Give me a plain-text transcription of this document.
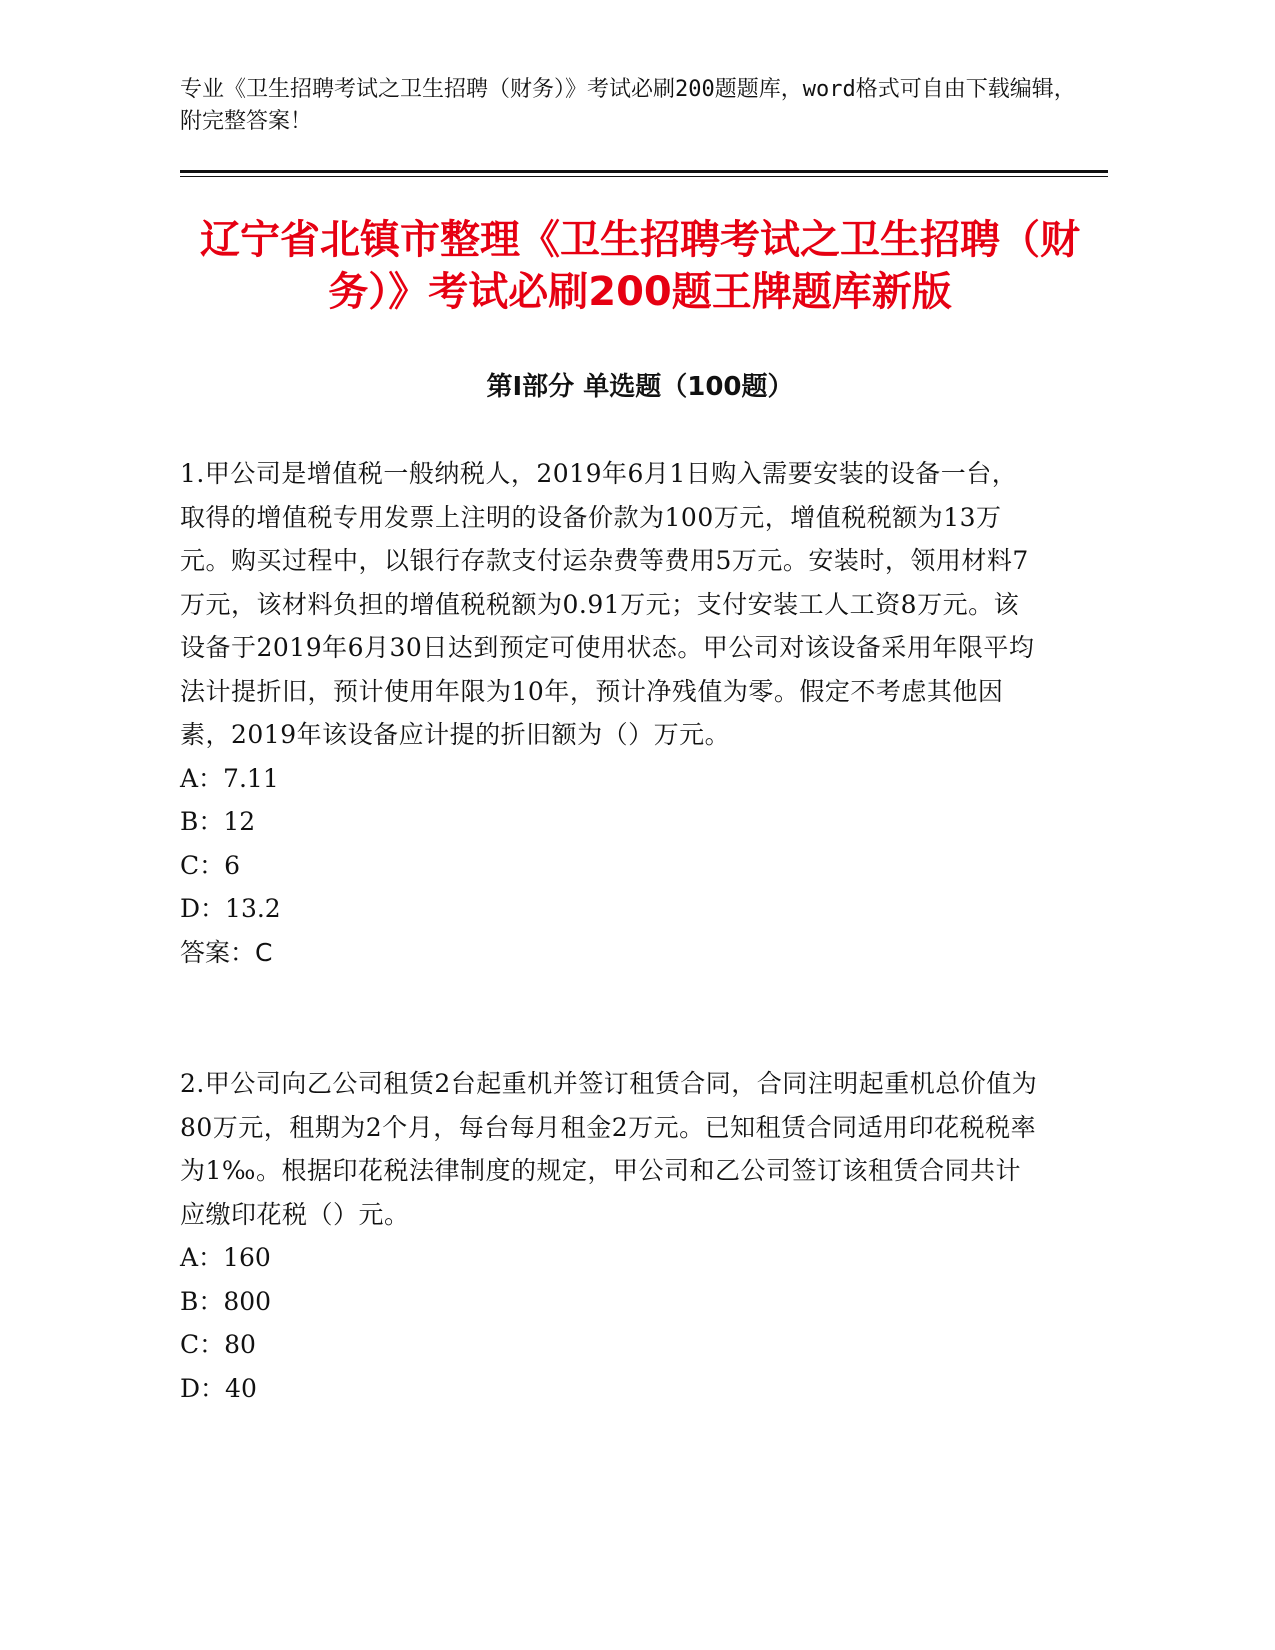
专业《卫生招聘考试之卫生招聘（财务）》考试必刷200题题库，word格式可自由下载编辑，附完整答案！
辽宁省北镇市整理《卫生招聘考试之卫生招聘（财务）》考试必刷200题王牌题库新版
第I部分 单选题（100题）
1.甲公司是增值税一般纳税人，2019年6月1日购入需要安装的设备一台，取得的增值税专用发票上注明的设备价款为100万元，增值税税额为13万元。购买过程中，以银行存款支付运杂费等费用5万元。安装时，领用材料7万元，该材料负担的增值税税额为0.91万元；支付安装工人工资8万元。该设备于2019年6月30日达到预定可使用状态。甲公司对该设备采用年限平均法计提折旧，预计使用年限为10年，预计净残值为零。假定不考虑其他因素，2019年该设备应计提的折旧额为（）万元。
A：7.11
B：12
C：6
D：13.2
答案：C
2.甲公司向乙公司租赁2台起重机并签订租赁合同，合同注明起重机总价值为80万元，租期为2个月，每台每月租金2万元。已知租赁合同适用印花税税率为1‰。根据印花税法律制度的规定，甲公司和乙公司签订该租赁合同共计应缴印花税（）元。
A：160
B：800
C：80
D：40
